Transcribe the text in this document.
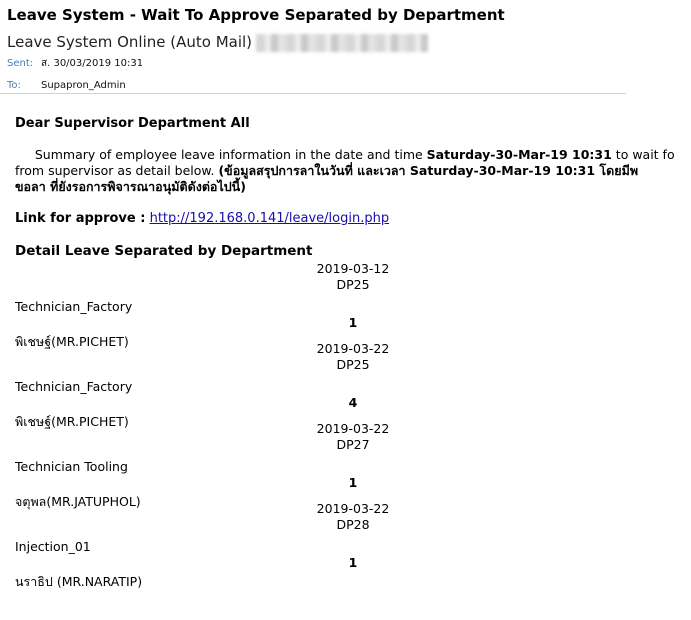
Leave System - Wait To Approve Separated by Department
Leave System Online (Auto Mail)
Sent: ส. 30/03/2019 10:31
To: Supapron_Admin
Dear Supervisor Department All
Summary of employee leave information in the date and time Saturday-30-Mar-19 10:31 to wait fo
from supervisor as detail below. (ข้อมูลสรุปการลาในวันที่ และเวลา Saturday-30-Mar-19 10:31 โดยมีพ
ขอลา ที่ยังรอการพิจารณาอนุมัติดังต่อไปนี้)
Link for approve : http://192.168.0.141/leave/login.php
Detail Leave Separated by Department
2019-03-12
DP25
Technician_Factory
1
พิเชษฐ์(MR.PICHET)	2019-03-22
DP25
Technician_Factory
4
พิเชษฐ์(MR.PICHET)	2019-03-22
DP27
Technician Tooling
1
จตุพล(MR.JATUPHOL)	2019-03-22
DP28
Injection_01
1
นราธิป (MR.NARATIP)
